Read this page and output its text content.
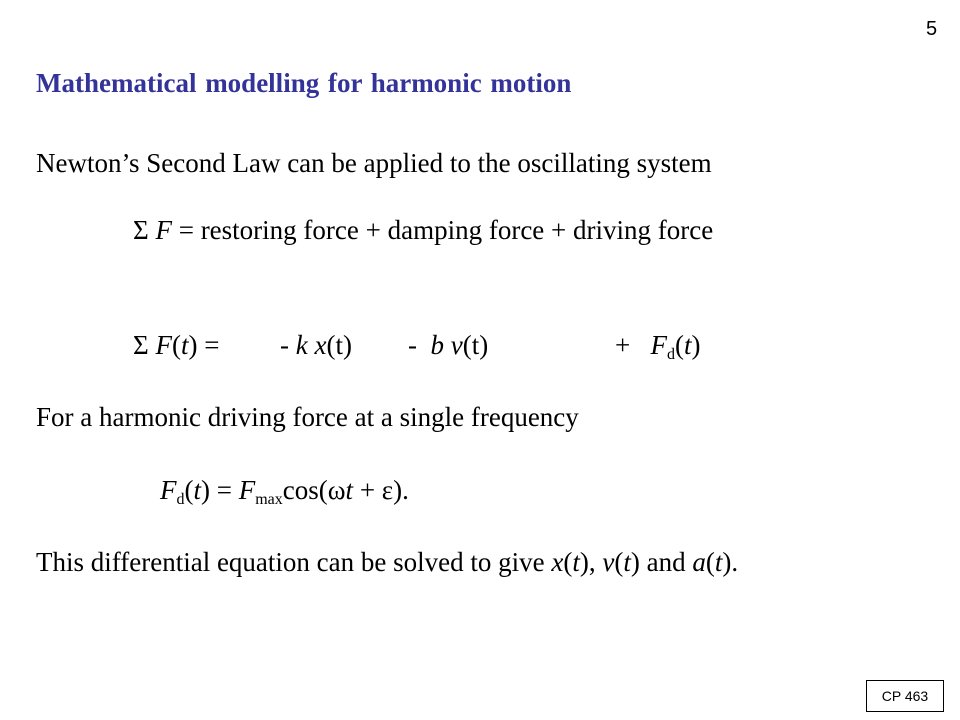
5
Mathematical modelling for harmonic motion
Newton’s Second Law can be applied to the oscillating system
Σ F = restoring force + damping force + driving force
Σ F(t) = - k x(t) - b v(t)	+ $F_d(t)$
For a harmonic driving force at a single frequency
$F_d(t) = F_{max}\cos(\omega t + \varepsilon)$.
This differential equation can be solved to give x(t), v(t) and a(t).
CP 463
